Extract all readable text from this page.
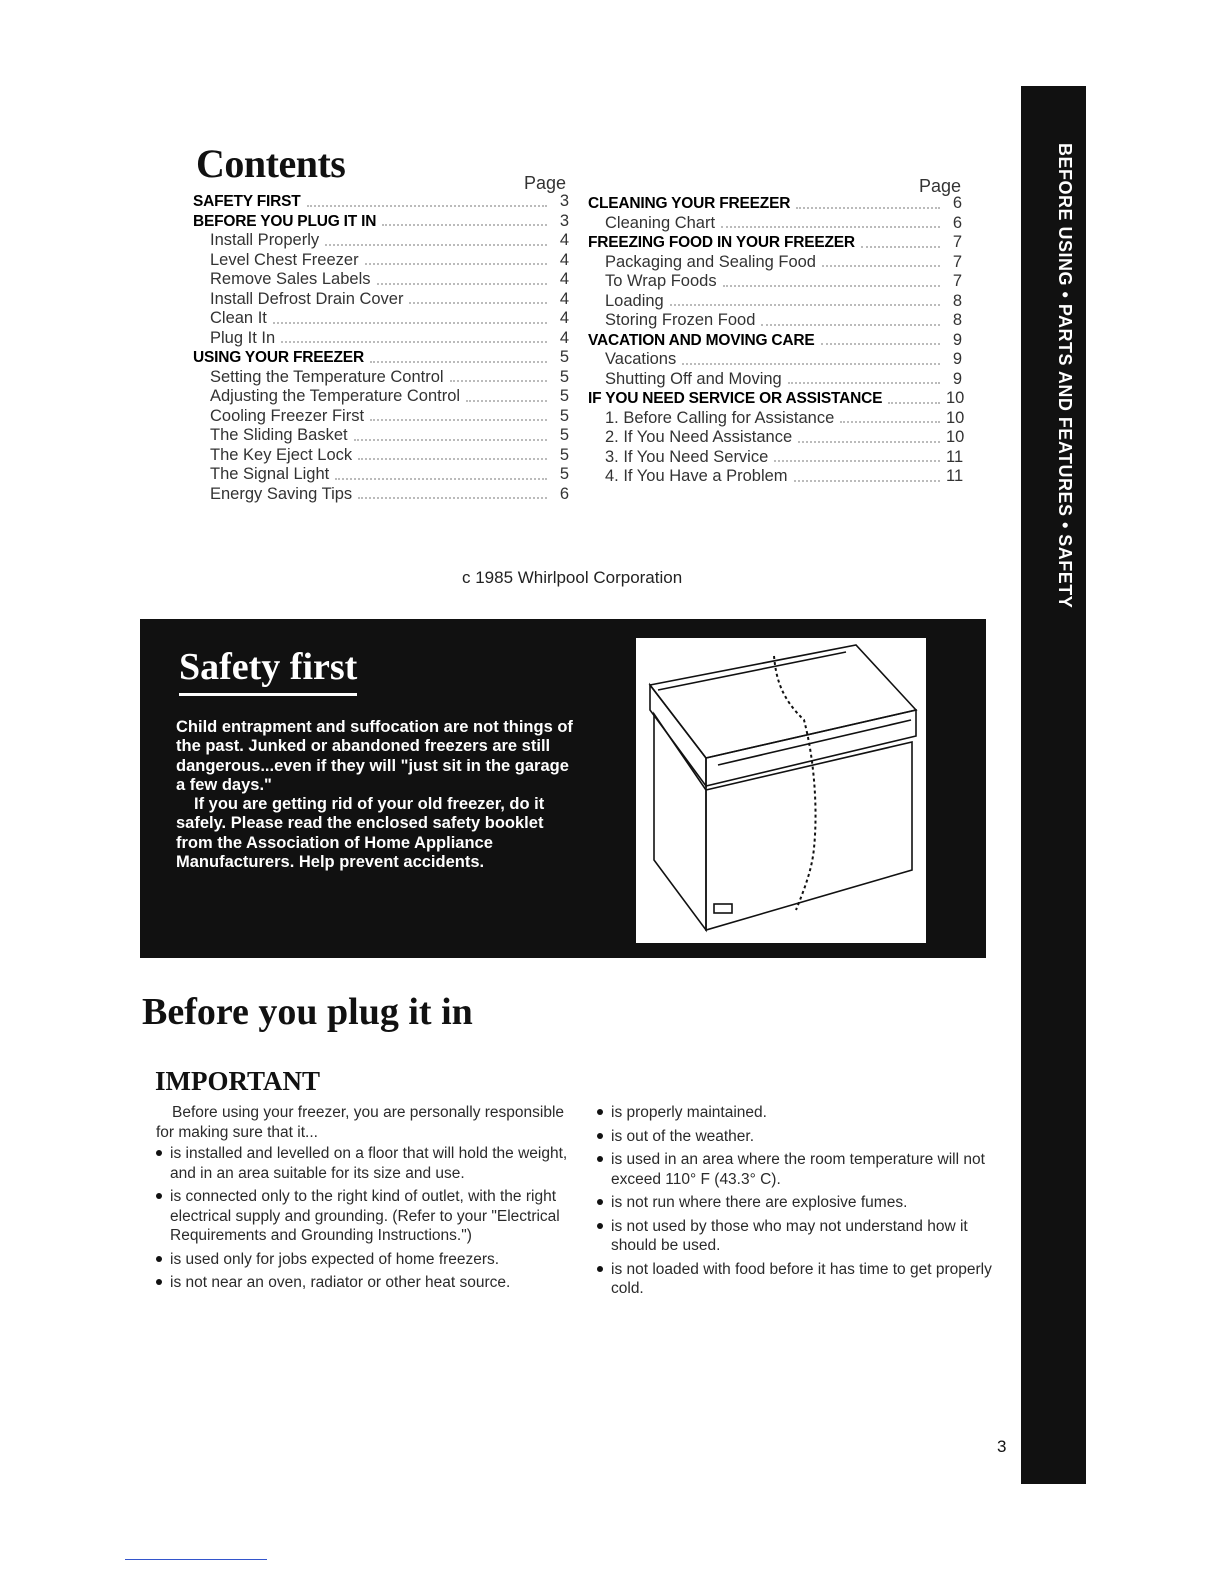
Contents	Page	Page
SAFETY FIRST	3
BEFORE YOU PLUG IT IN	3
Install Properly	4
Level Chest Freezer	4
Remove Sales Labels	4
Install Defrost Drain Cover	4
Clean It	4
Plug It In	4
USING YOUR FREEZER	5
Setting the Temperature Control	5
Adjusting the Temperature Control	5
Cooling Freezer First	5
The Sliding Basket	5
The Key Eject Lock	5
The Signal Light	5
Energy Saving Tips	6
CLEANING YOUR FREEZER	6
Cleaning Chart	6
FREEZING FOOD IN YOUR FREEZER	7
Packaging and Sealing Food	7
To Wrap Foods	7
Loading	8
Storing Frozen Food	8
VACATION AND MOVING CARE	9
Vacations	9
Shutting Off and Moving	9
IF YOU NEED SERVICE OR ASSISTANCE	10
1. Before Calling for Assistance	10
2. If You Need Assistance	10
3. If You Need Service	11
4. If You Have a Problem	11
c 1985 Whirlpool Corporation
Safety first
Child entrapment and suffocation are not things of the past. Junked or abandoned freezers are still dangerous...even if they will "just sit in the garage a few days."
If you are getting rid of your old freezer, do it safely. Please read the enclosed safety booklet from the Association of Home Appliance Manufacturers. Help prevent accidents.
Before you plug it in
IMPORTANT

Before using your freezer, you are personally responsible for making sure that it...

is installed and levelled on a floor that will hold the weight, and in an area suitable for its size and use.
is connected only to the right kind of outlet, with the right electrical supply and grounding. (Refer to your "Electrical Requirements and Grounding Instructions.")
is used only for jobs expected of home freezers.
is not near an oven, radiator or other heat source.
is properly maintained.
is out of the weather.
is used in an area where the room temperature will not exceed 110° F (43.3° C).
is not run where there are explosive fumes.
is not used by those who may not understand how it should be used.
is not loaded with food before it has time to get properly cold.
BEFORE USING • PARTS AND FEATURES • SAFETY
3
